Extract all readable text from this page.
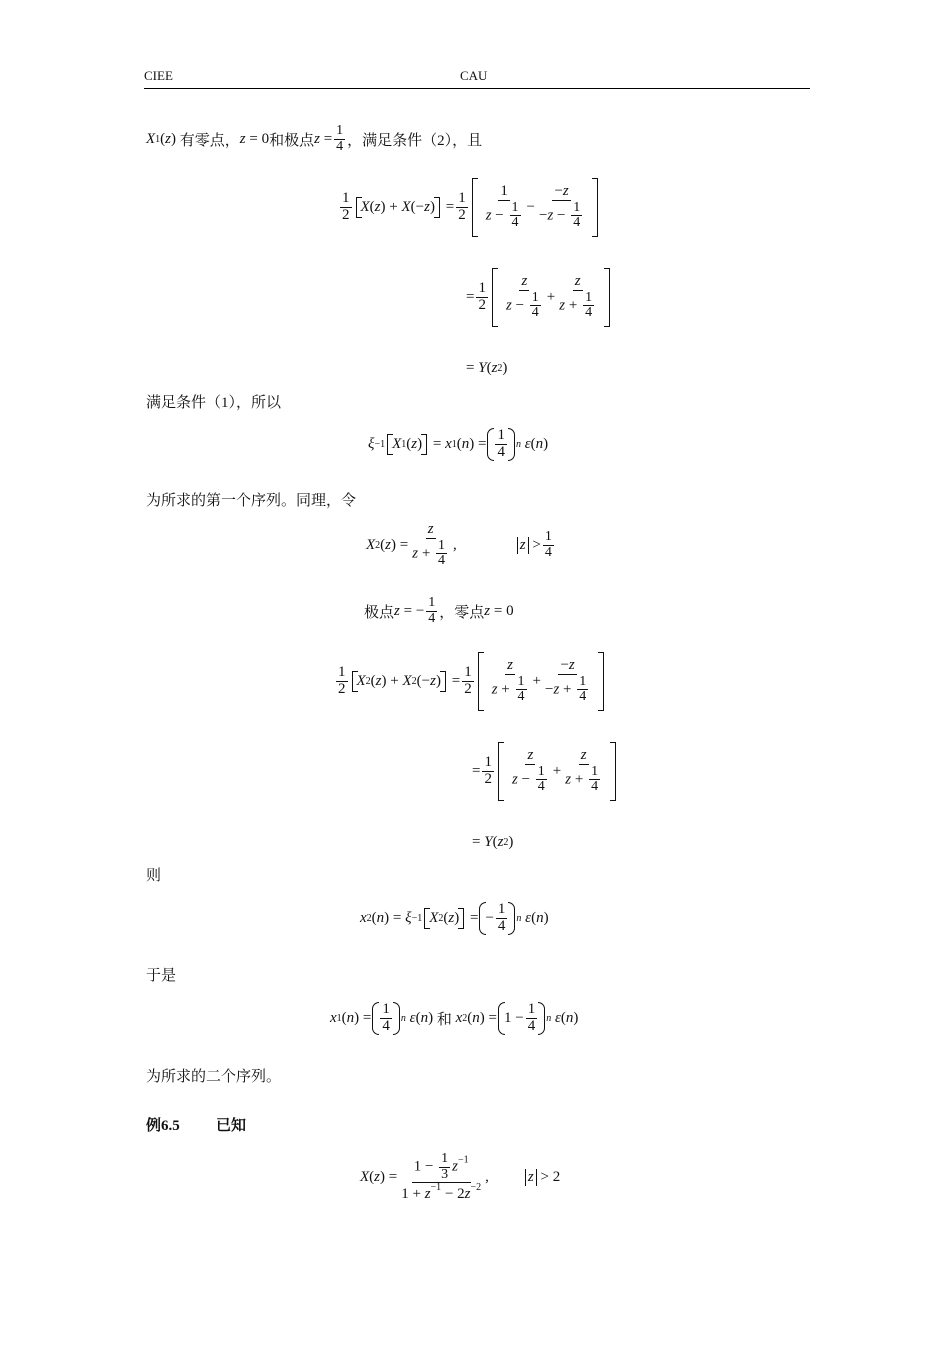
CIEE	CAU
X 1 ( z ) 有零点， z = 0 和极点 $z = \frac{1}{4}$ ，满足条件（2），且
$\frac{1}{2}$ X ( z ) + X (− z ) = $\frac{1}{2} \frac{1}{z - \frac{1}{4}} - \frac{-z}{-z - \frac{1}{4}}$
= $\frac{1}{2} \frac{z}{z - \frac{1}{4}} + \frac{z}{z + \frac{1}{4}}$
= Y ( z 2 )
满足条件（1），所以
ξ −1 X 1 ( z ) = x 1 ( n ) = $\frac{1}{4}$ n
ε ( n )
为所求的第一个序列。同理，令
X 2 ( z ) = $\frac{z}{z + \frac{1}{4}}$ ,	$z > \frac{1}{4}$
极点 z = − $\frac{1}{4}$ ，零点 z = 0
$\frac{1}{2}$ X 2 ( z ) + X 2 (− z ) = $\frac{1}{2} \frac{z}{z + \frac{1}{4}} + \frac{-z}{-z + \frac{1}{4}}$
= $\frac{1}{2} \frac{z}{z - \frac{1}{4}} + \frac{z}{z + \frac{1}{4}}$
= Y ( z 2 )
则
x 2 ( n ) = ξ −1 X 2 ( z ) = − $\frac{1}{4}$ n
ε ( n )
于是
x 1 ( n ) = $\frac{1}{4}$ n
ε ( n ) 和
x 2 ( n ) = $1 - \frac{1}{4}$ n
ε ( n )
为所求的二个序列。
例6.5 已知
X ( z ) = $\frac{1 - \frac{1}{3} z^{-1}}{1 + z^{-1} - 2z^{-2}}$ ,	z > 2
